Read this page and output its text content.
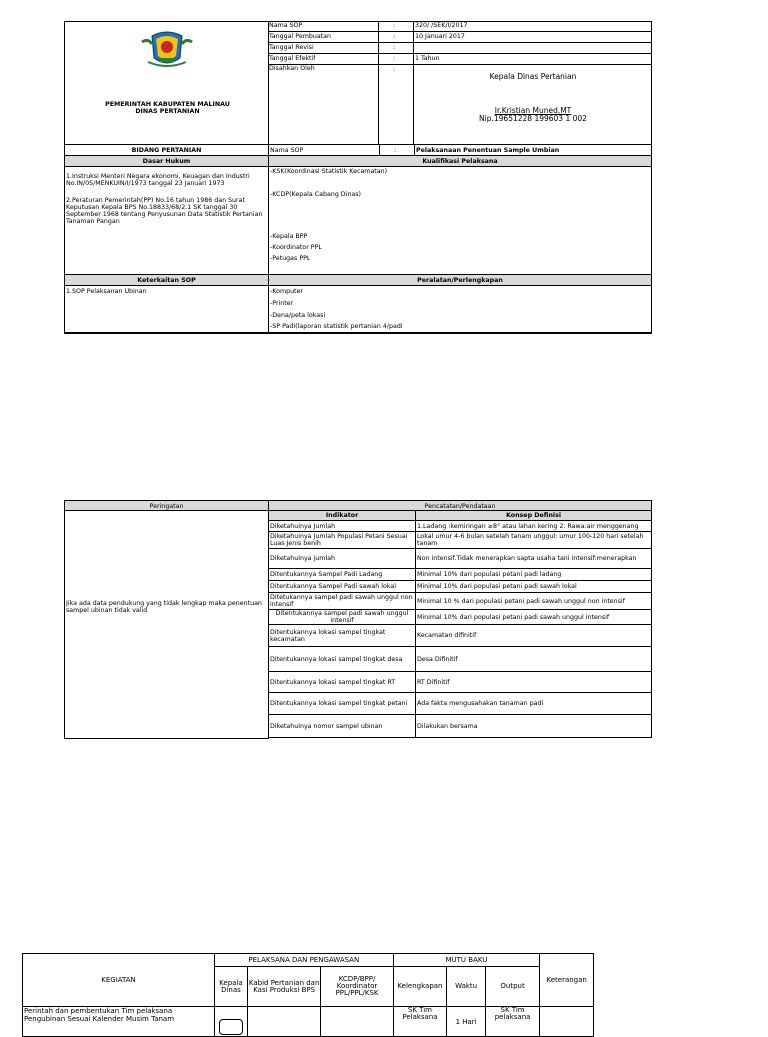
PEMERINTAH KABUPATEN MALINAU
DINAS PERTANIAN
Nama SOP	:	320/ /SEK/I/2017
Tanggal Pembuatan	:	10 Januari 2017
Tanggal Revisi	:
Tanggal Efektif	:	1 Tahun
Disahkan Oleh	:
Kepala Dinas Pertanian
Ir.Kristian Muned,MT
Nip.19651228 199603 1 002
BIDANG PERTANIAN	Nama SOP	:	Pelaksanaan Penentuan Sample Umbian
Dasar Hukum	Kualifikasi Pelaksana
1.Instruksi Menteri Negara ekonomi, Keuagan dan Industri No.IN/05/MENKUIN/I/1973 tanggal 23 Januari 1973
2.Peraturan Pemerintah(PP) No.16 tahun 1986 dan Surat Keputusan Kepala BPS No.18833/68/2.1 SK tanggal 30 September 1968 tentang Penyusunan Data Statistik Pertanian Tanaman Pangan
-KSK(Koordinasi Statistik Kecamatan)
-KCDP(Kepala Cabang Dinas)
-Kepala BPP
-Koordinator PPL
-Petugas PPL
Keterkaitan SOP	Peralatan/Perlengkapan
1.SOP Pelaksanan Ubinan	-Komputer
-Printer
-Dena/peta lokasi
-SP Padi(laporan statistik pertanian 4/padi
Peringatan
Jika ada data pendukung yang tidak lengkap maka penentuan sampel ubinan tidak valid
Pencatatan/Pendataan
Indikator	Konsep Definisi
Diketahuinya Jumlah	1.Ladang :kemiringan ≥8° atau lahan kering 2. Rawa:air menggenang
Diketahuinya Jumlah Populasi Petani Sesuai Luas Jenis benih	Lokal umur 4-6 bulan setelah tanam unggul: umur 100-120 hari setelah tanam
Diketahuinya jumlah	Non intensif.Tidak menerapkan sapta usaha tani intensif:menerapkan
Ditentukannya Sampel Padi Ladang	Minimal 10% dari populasi petani padi ladang
Ditentukannya Sampel Padi sawah lokal	Minimal 10% dari populasi petani padi sawah lokal
Ditetukannya sampel padi sawah unggul non intensif	Minimal 10 % dari populasi petani padi sawah unggul non intensif
Ditentukannya sampel padi sawah unggul intensif	Minimal 10% dari populasi petani padi sawah unggul intensif
Ditentukannya lokasi sampel tingkat kecamatan	Kecamatan difinitif
Ditentukannya lokasi sampel tingkat desa	Desa Difinitif
Ditentukannya lokasi sampel tingkat RT	RT Difinitif
Ditentukannya lokasi sampel tingkat petani	Ada fakta mengusahakan tanaman padi
Diketahuinya nomor sampel ubinan	Dilakukan bersama
KEGIATAN	PELAKSANA DAN PENGAWASAN			MUTU BAKU			Keterangan
	Kepala Dinas	Kabid Pertanian dan Kasi Produksi BPS	KCDP/BPP/ Koordinator PPL/PPL/KSK	Kelengkapan	Waktu	Output	
Perintah dan pembentukan Tim pelaksana Pengubinan Sesuai Kalender Musim Tanam				SK Tim Pelaksana	1 Hari	SK Tim pelaksana	
